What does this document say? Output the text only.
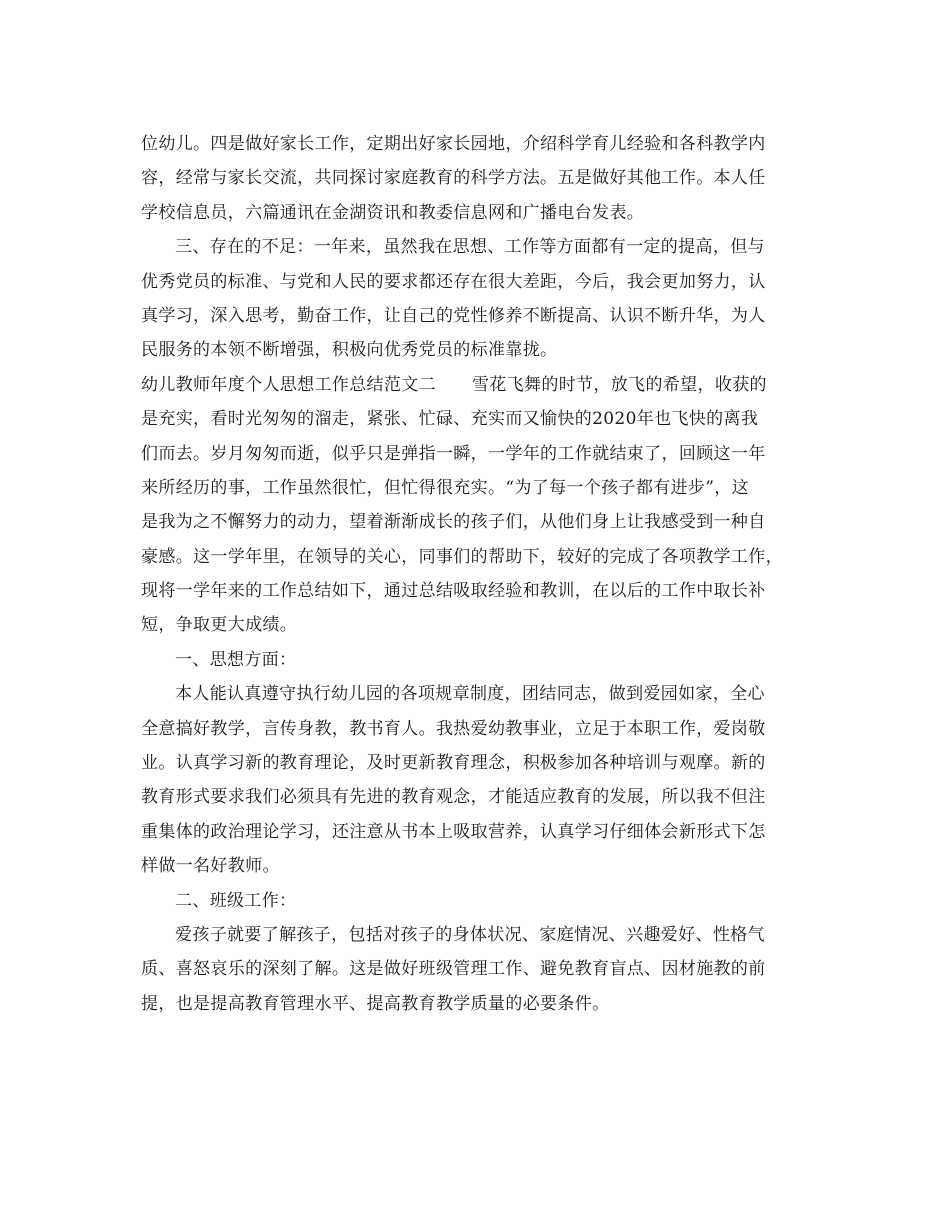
位幼儿。四是做好家长工作，定期出好家长园地，介绍科学育儿经验和各科教学内
容，经常与家长交流，共同探讨家庭教育的科学方法。五是做好其他工作。本人任
学校信息员，六篇通讯在金湖资讯和教委信息网和广播电台发表。
三、存在的不足：一年来，虽然我在思想、工作等方面都有一定的提高，但与
优秀党员的标准、与党和人民的要求都还存在很大差距，今后，我会更加努力，认
真学习，深入思考，勤奋工作，让自己的党性修养不断提高、认识不断升华，为人
民服务的本领不断增强，积极向优秀党员的标准靠拢。
幼儿教师年度个人思想工作总结范文二 雪花飞舞的时节，放飞的希望，收获的
是充实，看时光匆匆的溜走，紧张、忙碌、充实而又愉快的2020年也飞快的离我
们而去。岁月匆匆而逝，似乎只是弹指一瞬，一学年的工作就结束了，回顾这一年
来所经历的事，工作虽然很忙，但忙得很充实。“为了每一个孩子都有进步”，这
是我为之不懈努力的动力，望着渐渐成长的孩子们，从他们身上让我感受到一种自
豪感。这一学年里，在领导的关心，同事们的帮助下，较好的完成了各项教学工作，
现将一学年来的工作总结如下，通过总结吸取经验和教训，在以后的工作中取长补
短，争取更大成绩。
一、思想方面：
本人能认真遵守执行幼儿园的各项规章制度，团结同志，做到爱园如家，全心
全意搞好教学，言传身教，教书育人。我热爱幼教事业，立足于本职工作，爱岗敬
业。认真学习新的教育理论，及时更新教育理念，积极参加各种培训与观摩。新的
教育形式要求我们必须具有先进的教育观念，才能适应教育的发展，所以我不但注
重集体的政治理论学习，还注意从书本上吸取营养，认真学习仔细体会新形式下怎
样做一名好教师。
二、班级工作：
爱孩子就要了解孩子，包括对孩子的身体状况、家庭情况、兴趣爱好、性格气
质、喜怒哀乐的深刻了解。这是做好班级管理工作、避免教育盲点、因材施教的前
提，也是提高教育管理水平、提高教育教学质量的必要条件。
